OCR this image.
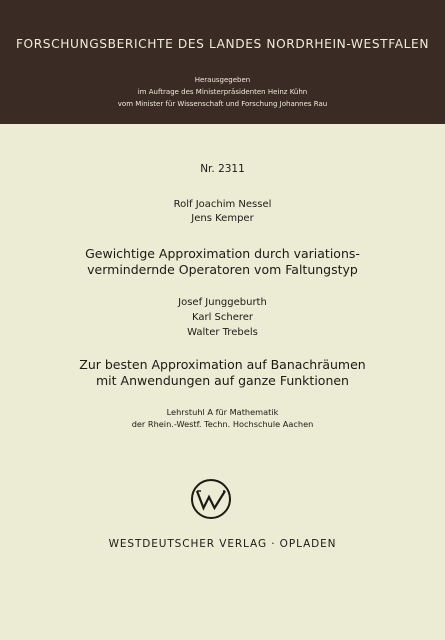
FORSCHUNGSBERICHTE DES LANDES NORDRHEIN-WESTFALEN
Herausgegeben
im Auftrage des Ministerpräsidenten Heinz Kühn
vom Minister für Wissenschaft und Forschung Johannes Rau
Nr. 2311
Rolf Joachim Nessel
Jens Kemper
Gewichtige Approximation durch variations-
vermindernde Operatoren vom Faltungstyp
Josef Junggeburth
Karl Scherer
Walter Trebels
Zur besten Approximation auf Banachräumen
mit Anwendungen auf ganze Funktionen
Lehrstuhl A für Mathematik
der Rhein.-Westf. Techn. Hochschule Aachen
WESTDEUTSCHER VERLAG · OPLADEN
